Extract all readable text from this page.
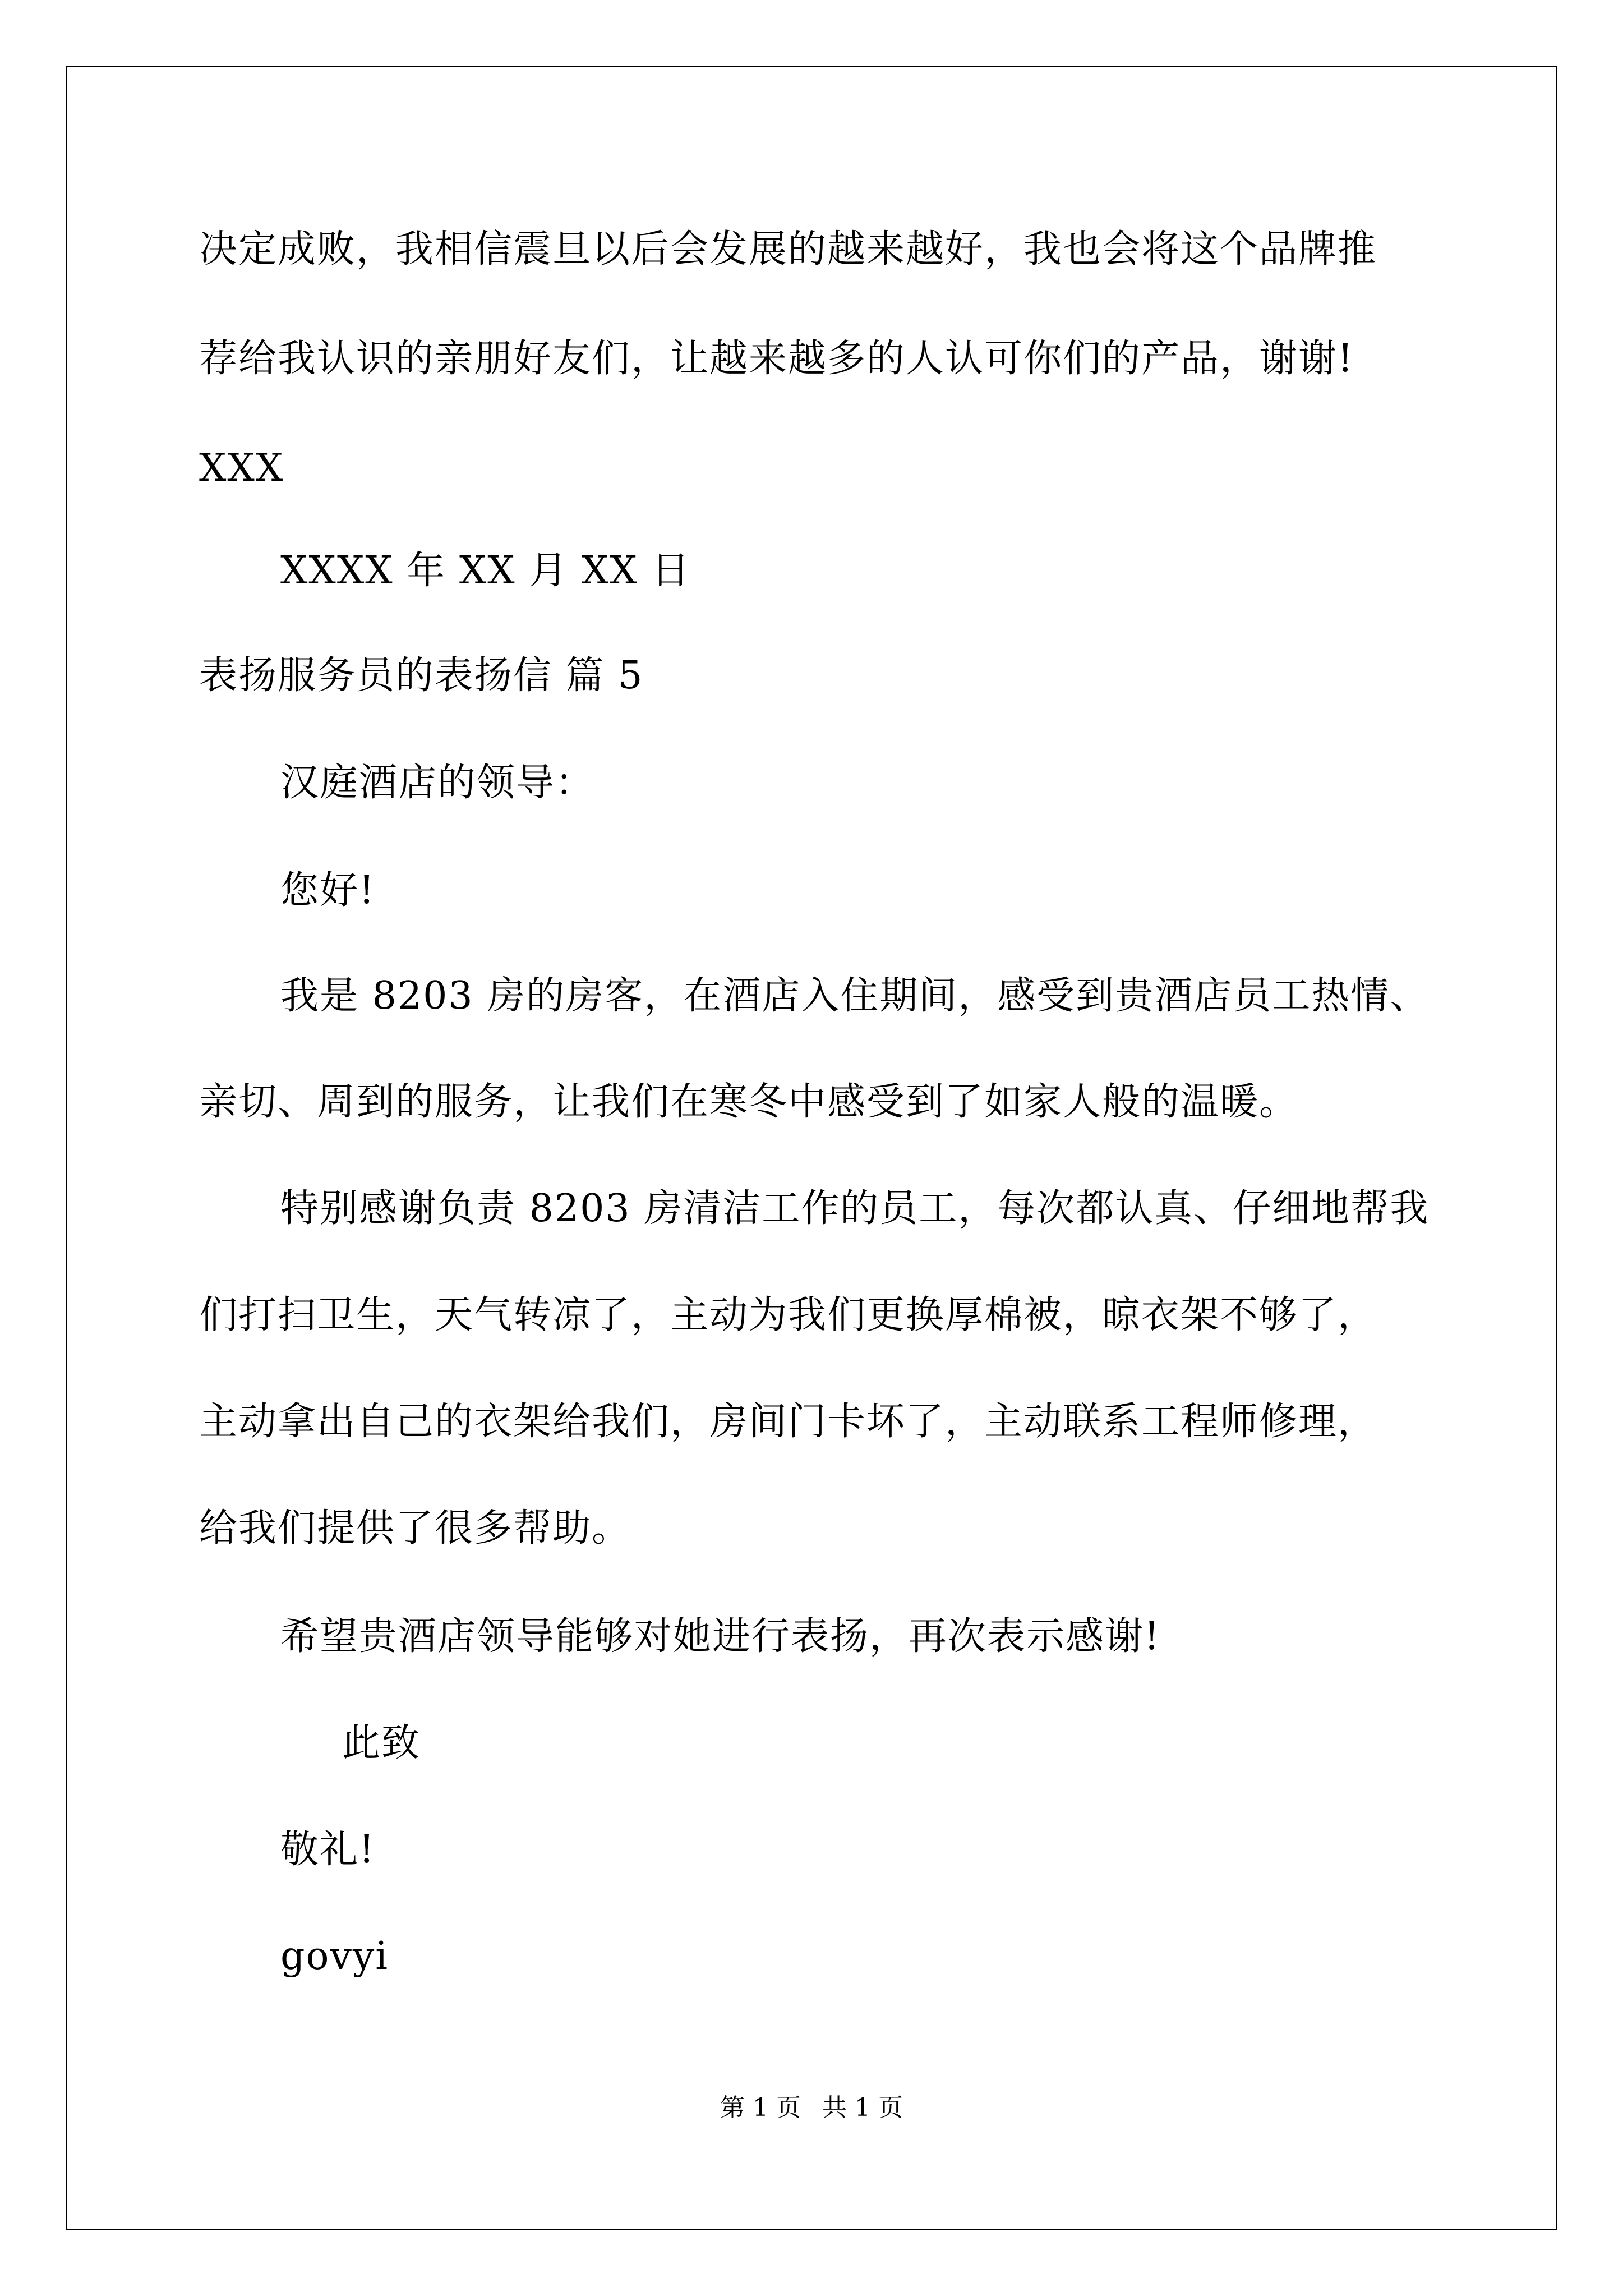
决定成败，我相信震旦以后会发展的越来越好，我也会将这个品牌推
荐给我认识的亲朋好友们，让越来越多的人认可你们的产品，谢谢!
XXX
XXXX 年 XX 月 XX 日
表扬服务员的表扬信 篇 5
汉庭酒店的领导：
您好!
我是 8203 房的房客，在酒店入住期间，感受到贵酒店员工热情、
亲切、周到的服务，让我们在寒冬中感受到了如家人般的温暖。
特别感谢负责 8203 房清洁工作的员工，每次都认真、仔细地帮我
们打扫卫生，天气转凉了，主动为我们更换厚棉被，晾衣架不够了，
主动拿出自己的衣架给我们，房间门卡坏了，主动联系工程师修理，
给我们提供了很多帮助。
希望贵酒店领导能够对她进行表扬，再次表示感谢!
此致
敬礼!
govyi
第 1 页 共 1 页
